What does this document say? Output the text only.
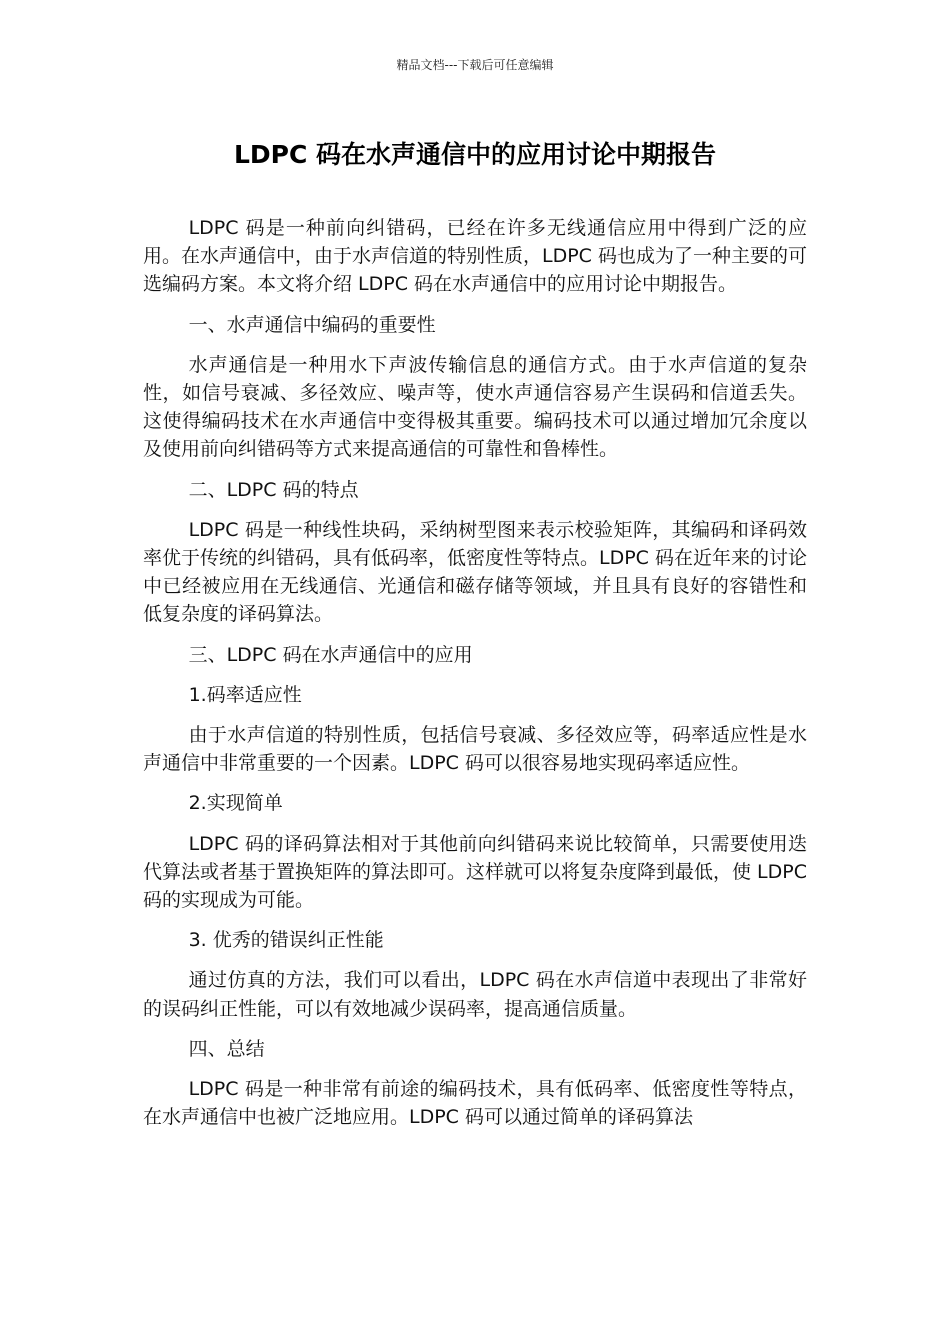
精品文档---下载后可任意编辑
LDPC 码在水声通信中的应用讨论中期报告

LDPC 码是一种前向纠错码，已经在许多无线通信应用中得到广泛的应用。在水声通信中，由于水声信道的特别性质，LDPC 码也成为了一种主要的可选编码方案。本文将介绍 LDPC 码在水声通信中的应用讨论中期报告。

一、水声通信中编码的重要性

水声通信是一种用水下声波传输信息的通信方式。由于水声信道的复杂性，如信号衰减、多径效应、噪声等，使水声通信容易产生误码和信道丢失。这使得编码技术在水声通信中变得极其重要。编码技术可以通过增加冗余度以及使用前向纠错码等方式来提高通信的可靠性和鲁棒性。

二、LDPC 码的特点

LDPC 码是一种线性块码，采纳树型图来表示校验矩阵，其编码和译码效率优于传统的纠错码，具有低码率，低密度性等特点。LDPC 码在近年来的讨论中已经被应用在无线通信、光通信和磁存储等领域，并且具有良好的容错性和低复杂度的译码算法。

三、LDPC 码在水声通信中的应用

1.码率适应性

由于水声信道的特别性质，包括信号衰减、多径效应等，码率适应性是水声通信中非常重要的一个因素。LDPC 码可以很容易地实现码率适应性。

2.实现简单

LDPC 码的译码算法相对于其他前向纠错码来说比较简单，只需要使用迭代算法或者基于置换矩阵的算法即可。这样就可以将复杂度降到最低，使 LDPC 码的实现成为可能。

3. 优秀的错误纠正性能

通过仿真的方法，我们可以看出，LDPC 码在水声信道中表现出了非常好的误码纠正性能，可以有效地减少误码率，提高通信质量。

四、总结

LDPC 码是一种非常有前途的编码技术，具有低码率、低密度性等特点，在水声通信中也被广泛地应用。LDPC 码可以通过简单的译码算法
